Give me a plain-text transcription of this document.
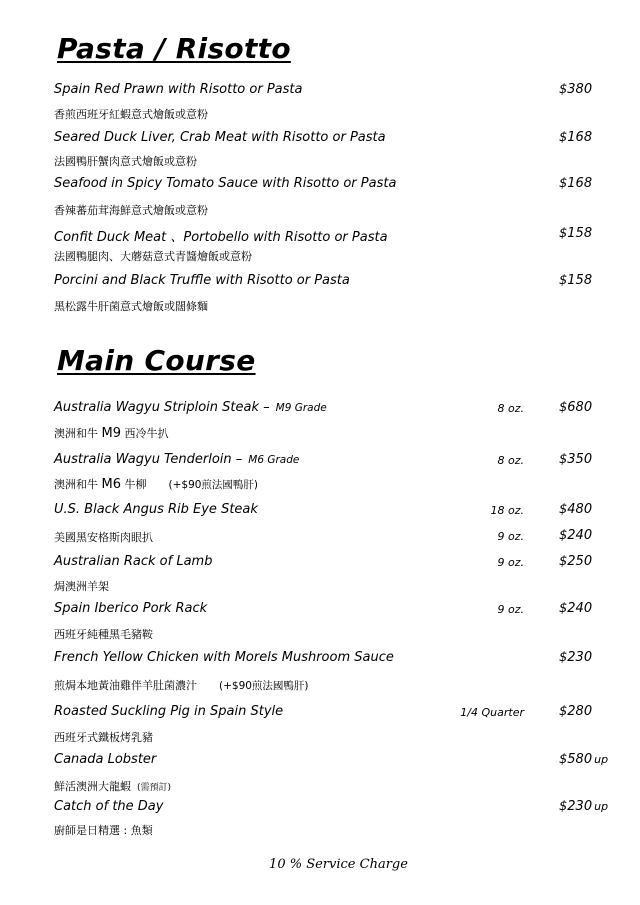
Pasta / Risotto
Spain Red Prawn with Risotto or Pasta	$380
香煎西班牙紅蝦意式燴飯或意粉
Seared Duck Liver, Crab Meat with Risotto or Pasta	$168
法國鴨肝蟹肉意式燴飯或意粉
Seafood in Spicy Tomato Sauce with Risotto or Pasta	$168
香辣蕃茄茸海鮮意式燴飯或意粉
Confit Duck Meat 、Portobello with Risotto or Pasta	$158
法國鴨腿肉、大蘑菇意式青醬燴飯或意粉
Porcini and Black Truffle with Risotto or Pasta	$158
黑松露牛肝菌意式燴飯或闊條麵
Main Course
Australia Wagyu Striploin Steak – M9 Grade	8 oz.	$680
澳洲和牛 M9 西冷牛扒
Australia Wagyu Tenderloin – M6 Grade	8 oz.	$350
澳洲和牛 M6 牛柳 (+$90煎法國鴨肝)
U.S. Black Angus Rib Eye Steak	18 oz.	$480
美國黑安格斯肉眼扒	9 oz.	$240
Australian Rack of Lamb	9 oz.	$250
焗澳洲羊架
Spain Iberico Pork Rack	9 oz.	$240
西班牙純種黑毛豬鞍
French Yellow Chicken with Morels Mushroom Sauce	$230
煎焗本地黃油雞伴羊肚菌濃汁 (+$90煎法國鴨肝)
Roasted Suckling Pig in Spain Style	1/4 Quarter	$280
西班牙式鐵板烤乳豬
Canada Lobster	$580 up
鮮活澳洲大龍蝦 (需預訂)
Catch of the Day	$230 up
廚師是日精選 : 魚類
10 % Service Charge
